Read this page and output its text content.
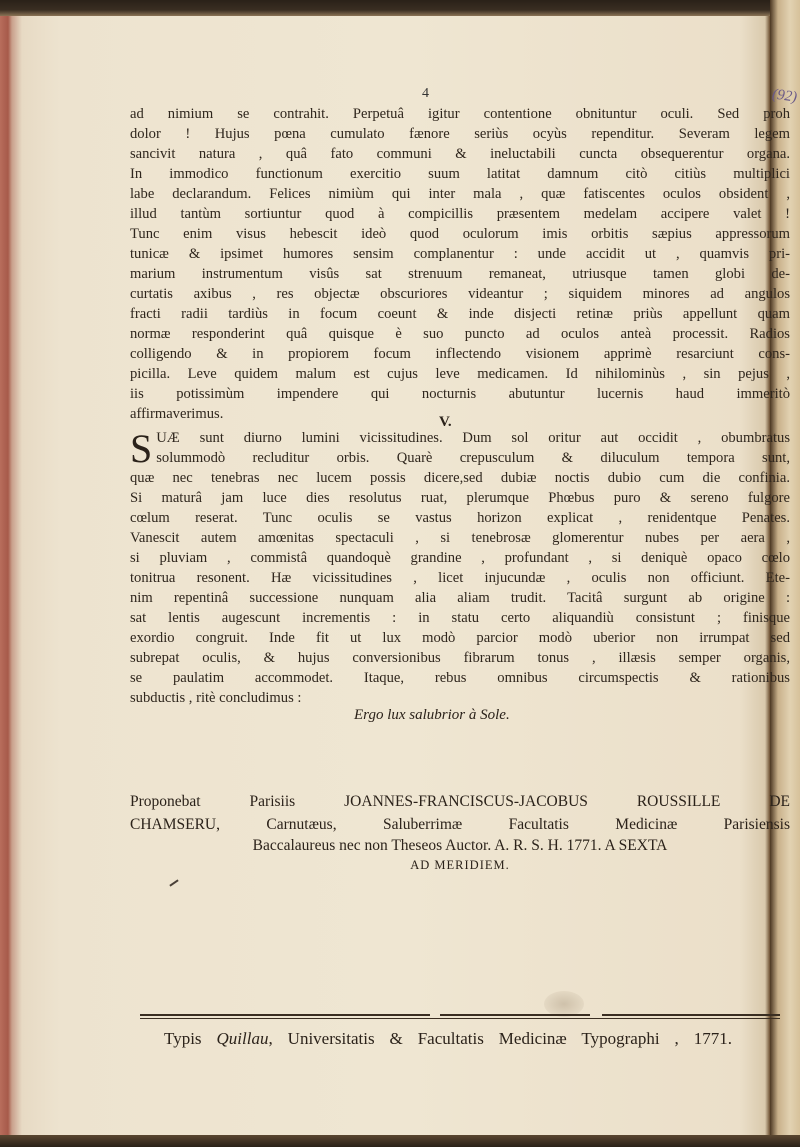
(92)
4
ad nimium se contrahit. Perpetuâ igitur contentione obnituntur oculi. Sed proh
dolor ! Hujus pœna cumulato fænore seriùs ocyùs rependitur. Severam legem
sancivit natura , quâ fato communi & ineluctabili cuncta obsequerentur organa.
In immodico functionum exercitio suum latitat damnum citò citiùs multiplici
labe declarandum. Felices nimiùm qui inter mala , quæ fatiscentes oculos obsident ,
illud tantùm sortiuntur quod à compicillis præsentem medelam accipere valet !
Tunc enim visus hebescit ideò quod oculorum imis orbitis sæpius appressorum
tunicæ & ipsimet humores sensim complanentur : unde accidit ut , quamvis pri-
marium instrumentum visûs sat strenuum remaneat, utriusque tamen globi de-
curtatis axibus , res objectæ obscuriores videantur ; siquidem minores ad angulos
fracti radii tardiùs in focum coeunt & inde disjecti retinæ priùs appellunt quam
normæ responderint quâ quisque è suo puncto ad oculos anteà processit. Radios
colligendo & in propiorem focum inflectendo visionem apprimè resarciunt cons-
picilla. Leve quidem malum est cujus leve medicamen. Id nihilominùs , sin pejus ,
iis potissimùm impendere qui nocturnis abutuntur lucernis haud immeritò
affirmaverimus.	V.
S UÆ sunt diurno lumini vicissitudines. Dum sol oritur aut occidit , obumbratus
solummodò recluditur orbis. Quarè crepusculum & diluculum tempora sunt,
quæ nec tenebras nec lucem possis dicere,sed dubiæ noctis dubio cum die confinia.
Si maturâ jam luce dies resolutus ruat, plerumque Phœbus puro & sereno fulgore
cœlum reserat. Tunc oculis se vastus horizon explicat , renidentque Penates.
Vanescit autem amœnitas spectaculi , si tenebrosæ glomerentur nubes per aera ,
si pluviam , commistâ quandoquè grandine , profundant , si deniquè opaco cœlo
tonitrua resonent. Hæ vicissitudines , licet injucundæ , oculis non officiunt. Ete-
nim repentinâ successione nunquam alia aliam trudit. Tacitâ surgunt ab origine :
sat lentis augescunt incrementis : in statu certo aliquandiù consistunt ; finisque
exordio congruit. Inde fit ut lux modò parcior modò uberior non irrumpat sed
subrepat oculis, & hujus conversionibus fibrarum tonus , illæsis semper organis,
se paulatim accommodet. Itaque, rebus omnibus circumspectis & rationibus
subductis , ritè concludimus :
Ergo lux salubrior à Sole.
Proponebat Parisiis JOANNES-FRANCISCUS-JACOBUS ROUSSILLE DE
CHAMSERU, Carnutæus, Saluberrimæ Facultatis Medicinæ Parisiensis
Baccalaureus nec non Theseos Auctor. A. R. S. H. 1771. A SEXTA
AD MERIDIEM.
Typis Quillau, Universitatis & Facultatis Medicinæ Typographi , 1771.
